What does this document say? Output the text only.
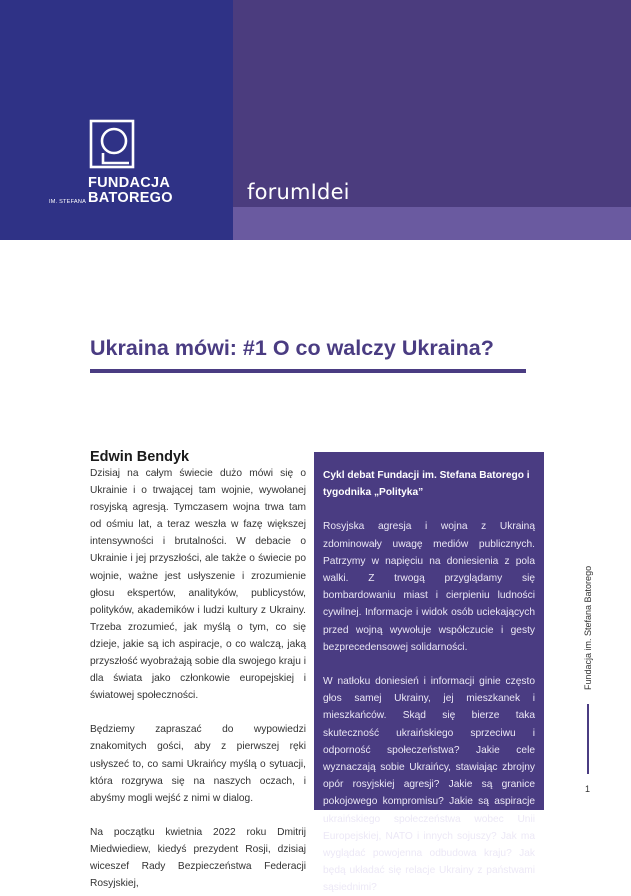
FUNDACJA
BATOREGO
IM. STEFANA	forumIdei
Ukraina mówi: #1 O co walczy Ukraina?
Edwin Bendyk

Dzisiaj na całym świecie dużo mówi się o Ukrainie i o trwającej tam wojnie, wywołanej rosyjską agresją. Tymczasem wojna trwa tam od ośmiu lat, a teraz weszła w fazę większej intensywności i brutalności. W debacie o Ukrainie i jej przyszłości, ale także o świecie po wojnie, ważne jest usłyszenie i zrozumienie głosu ekspertów, analityków, publicystów, polityków, akademików i ludzi kultury z Ukrainy. Trzeba zrozumieć, jak myślą o tym, co się dzieje, jakie są ich aspiracje, o co walczą, jaką przyszłość wyobrażają sobie dla swojego kraju i dla świata jako członkowie europejskiej i światowej społeczności.

Będziemy zapraszać do wypowiedzi znakomitych gości, aby z pierwszej ręki usłyszeć to, co sami Ukraińcy myślą o sytuacji, która rozgrywa się na naszych oczach, i abyśmy mogli wejść z nimi w dialog.

Na początku kwietnia 2022 roku Dmitrij Miedwiediew, kiedyś prezydent Rosji, dzisiaj wiceszef Rady Bezpieczeństwa Federacji Rosyjskiej,

Cykl debat Fundacji im. Stefana Batorego i tygodnika „Polityka”

Rosyjska agresja i wojna z Ukrainą zdominowały uwagę mediów publicznych. Patrzymy w napięciu na doniesienia z pola walki. Z trwogą przyglądamy się bombardowaniu miast i cierpieniu ludności cywilnej. Informacje i widok osób uciekających przed wojną wywołuje współczucie i gesty bezprecedensowej solidarności.

W natłoku doniesień i informacji ginie często głos samej Ukrainy, jej mieszkanek i mieszkańców. Skąd się bierze taka skuteczność ukraińskiego sprzeciwu i odporność społeczeństwa? Jakie cele wyznaczają sobie Ukraińcy, stawiając zbrojny opór rosyjskiej agresji? Jakie są granice pokojowego kompromisu? Jakie są aspiracje ukraińskiego społeczeństwa wobec Unii Europejskiej, NATO i innych sojuszy? Jak ma wyglądać powojenna odbudowa kraju? Jak będą układać się relacje Ukrainy z państwami sąsiednimi?

Fundacja im. Stefana Batorego
1
